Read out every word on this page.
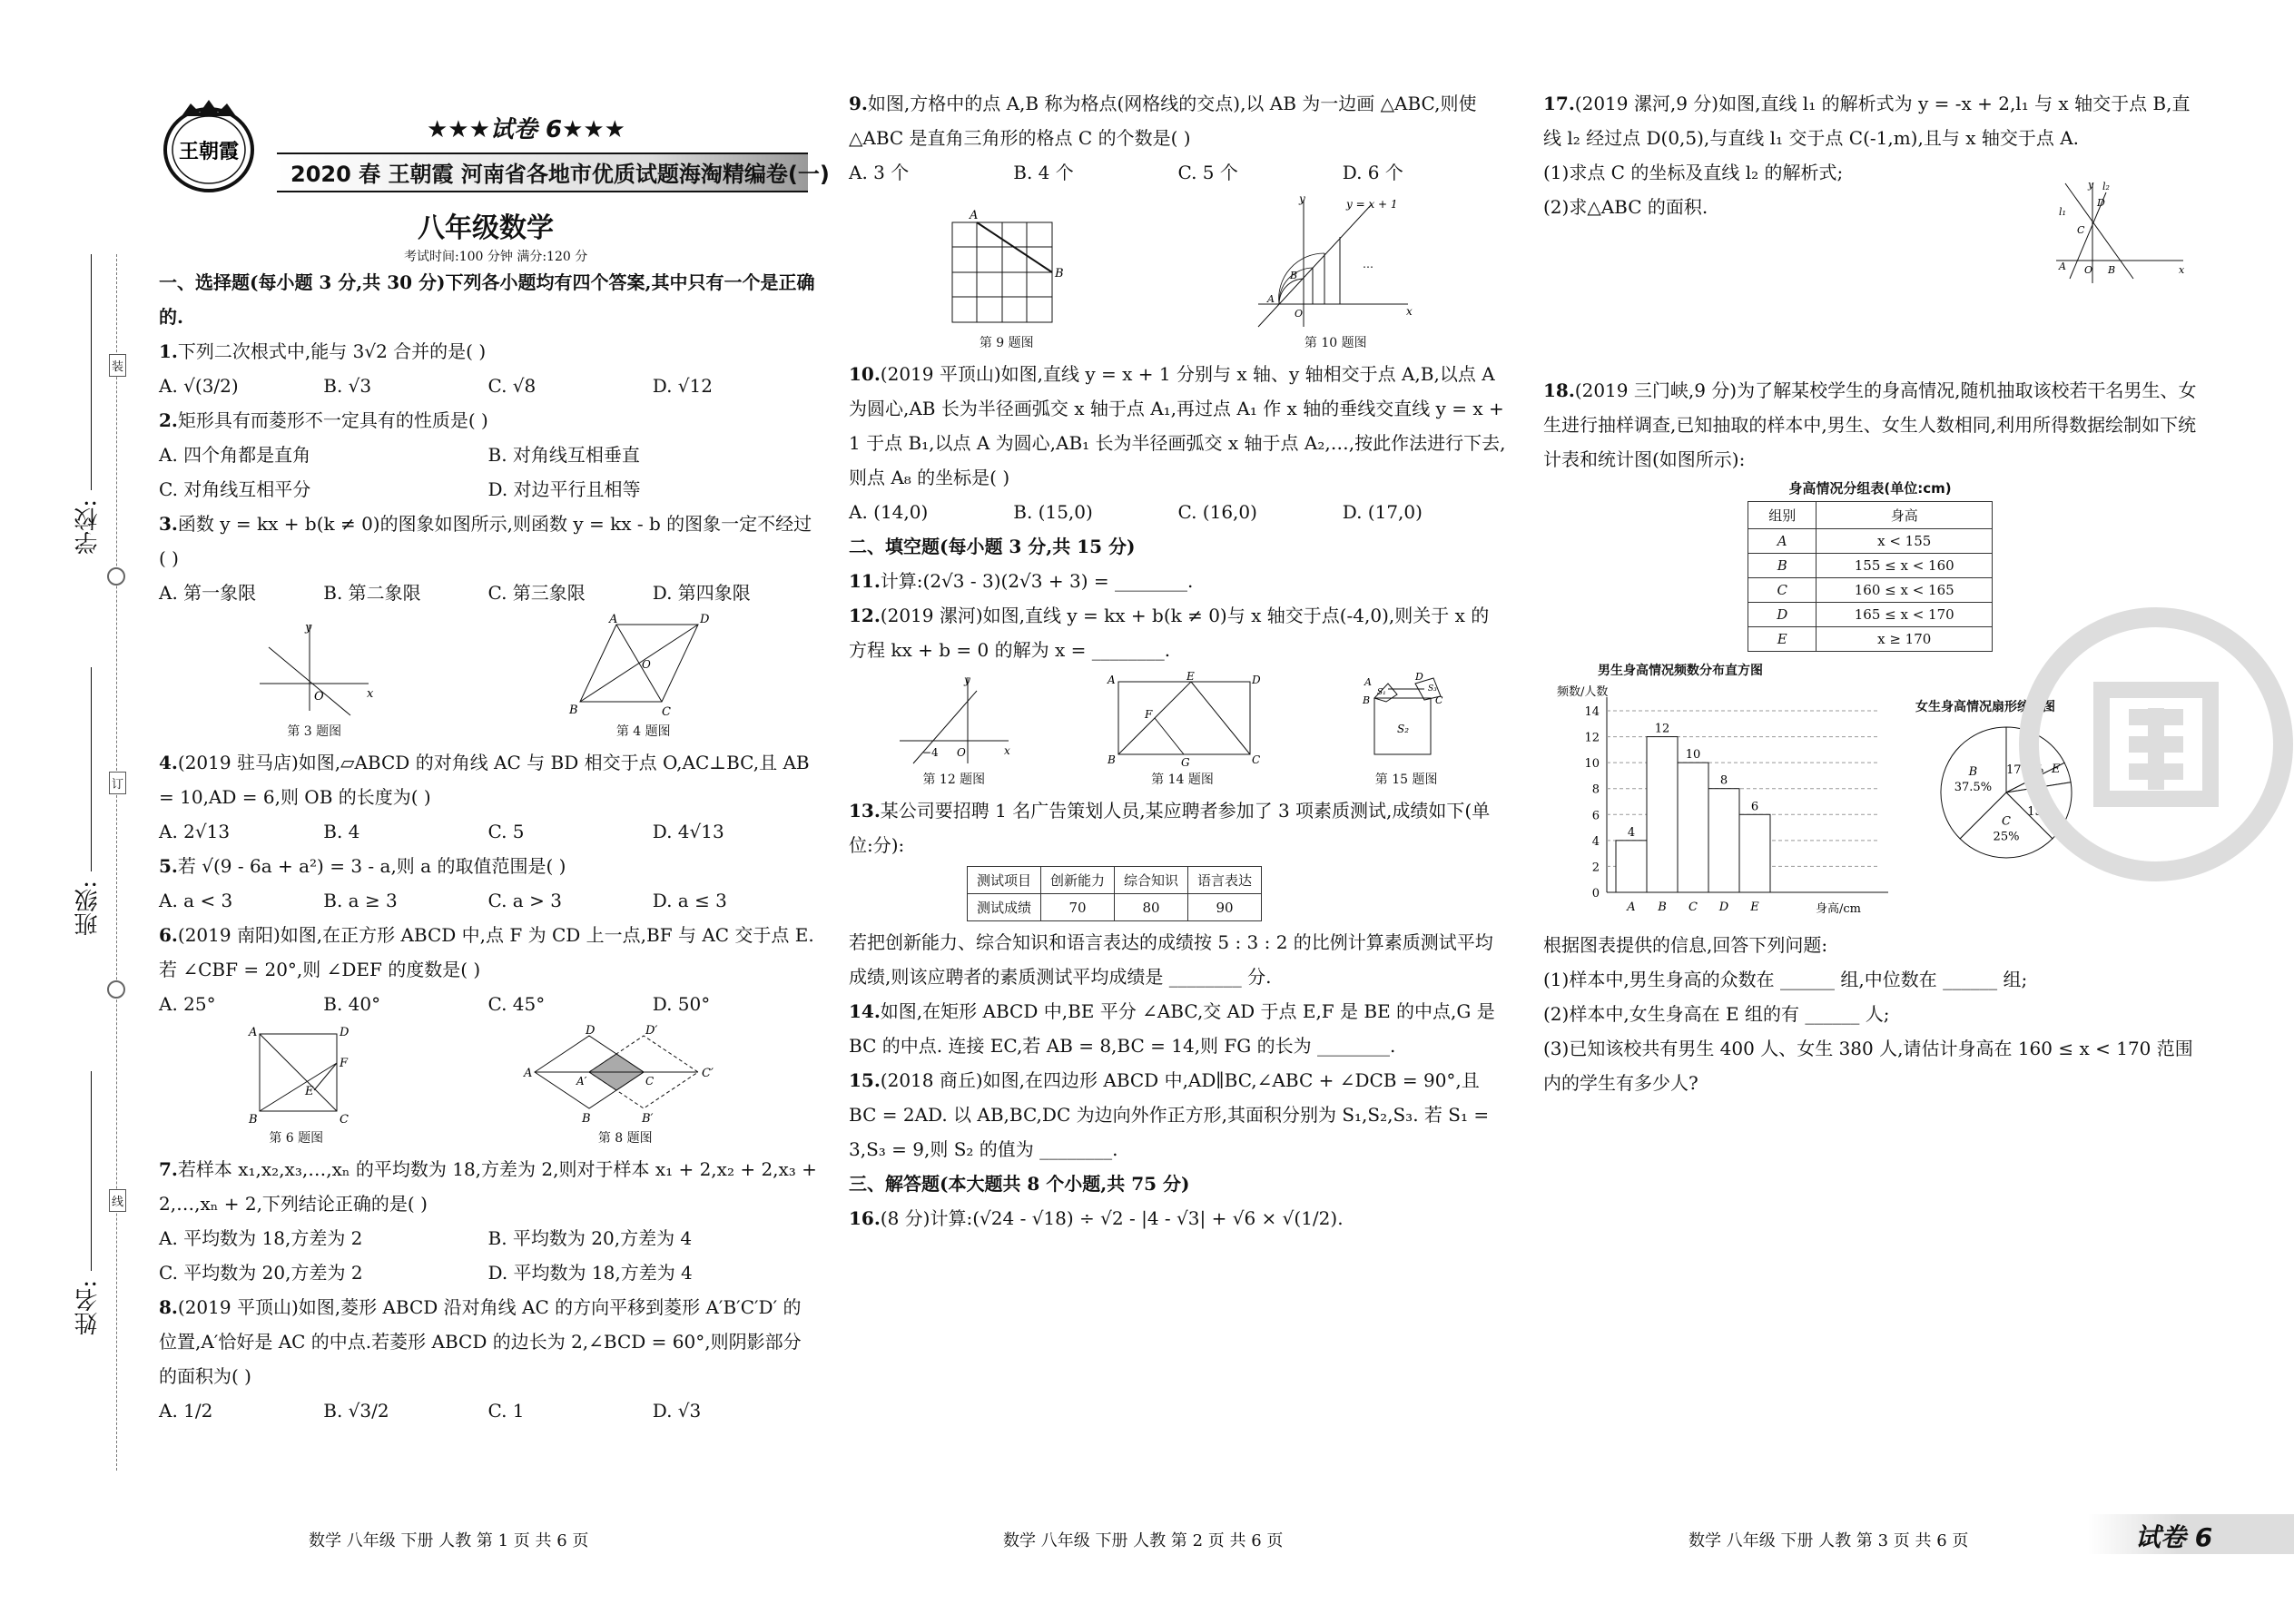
王朝霞
★★★试卷 6★★★
2020 春 王朝霞 河南省各地市优质试题海淘精编卷(一)
八年级数学
考试时间:100 分钟 满分:120 分
学校:
班级:
姓名:
装
订
线

一、选择题(每小题 3 分,共 30 分)下列各小题均有四个答案,其中只有一个是正确的.

1.下列二次根式中,能与 3√2 合并的是( )

A. √(3/2)	B. √3	C. √8	D. √12

2.矩形具有而菱形不一定具有的性质是( )

A. 四个角都是直角	B. 对角线互相垂直
C. 对角线互相平分	D. 对边平行且相等

3.函数 y = kx + b(k ≠ 0)的图象如图所示,则函数 y = kx - b 的图象一定不经过( )

A. 第一象限	B. 第二象限	C. 第三象限	D. 第四象限
y
x
O
第 3 题图
A	D
B	C
O
第 4 题图

4.(2019 驻马店)如图,▱ABCD 的对角线 AC 与 BD 相交于点 O,AC⊥BC,且 AB = 10,AD = 6,则 OB 的长度为( )

A. 2√13	B. 4	C. 5	D. 4√13

5.若 √(9 - 6a + a²) = 3 - a,则 a 的取值范围是( )

A. a < 3	B. a ≥ 3	C. a > 3	D. a ≤ 3

6.(2019 南阳)如图,在正方形 ABCD 中,点 F 为 CD 上一点,BF 与 AC 交于点 E.若 ∠CBF = 20°,则 ∠DEF 的度数是( )

A. 25°	B. 40°	C. 45°	D. 50°
A	D
B	C
F
E
第 6 题图
A
D	D′
B	B′
A′	C
C′
第 8 题图

7.若样本 x₁,x₂,x₃,…,xₙ 的平均数为 18,方差为 2,则对于样本 x₁ + 2,x₂ + 2,x₃ + 2,…,xₙ + 2,下列结论正确的是( )

A. 平均数为 18,方差为 2	B. 平均数为 20,方差为 4
C. 平均数为 20,方差为 2	D. 平均数为 18,方差为 4

8.(2019 平顶山)如图,菱形 ABCD 沿对角线 AC 的方向平移到菱形 A′B′C′D′ 的位置,A′恰好是 AC 的中点.若菱形 ABCD 的边长为 2,∠BCD = 60°,则阴影部分的面积为( )

A. 1/2	B. √3/2	C. 1	D. √3

9.如图,方格中的点 A,B 称为格点(网格线的交点),以 AB 为一边画 △ABC,则使 △ABC 是直角三角形的格点 C 的个数是( )

A. 3 个	B. 4 个	C. 5 个	D. 6 个
A
B
第 9 题图
y = x + 1
y
x
A
O
B
…
第 10 题图

10.(2019 平顶山)如图,直线 y = x + 1 分别与 x 轴、y 轴相交于点 A,B,以点 A 为圆心,AB 长为半径画弧交 x 轴于点 A₁,再过点 A₁ 作 x 轴的垂线交直线 y = x + 1 于点 B₁,以点 A 为圆心,AB₁ 长为半径画弧交 x 轴于点 A₂,…,按此作法进行下去,则点 A₈ 的坐标是( )

A. (14,0)	B. (15,0)	C. (16,0)	D. (17,0)

二、填空题(每小题 3 分,共 15 分)

11.计算:(2√3 - 3)(2√3 + 3) = ________.

12.(2019 漯河)如图,直线 y = kx + b(k ≠ 0)与 x 轴交于点(-4,0),则关于 x 的方程 kx + b = 0 的解为 x = ________.

y
x
−4 O
第 12 题图
A	E	D
B	G	C
F
第 14 题图
A	D
B	C
S₂
S₁	S₃
第 15 题图

13.某公司要招聘 1 名广告策划人员,某应聘者参加了 3 项素质测试,成绩如下(单位:分):

测试项目	创新能力	综合知识	语言表达
测试成绩	70	80	90

若把创新能力、综合知识和语言表达的成绩按 5 : 3 : 2 的比例计算素质测试平均成绩,则该应聘者的素质测试平均成绩是 ________ 分.

14.如图,在矩形 ABCD 中,BE 平分 ∠ABC,交 AD 于点 E,F 是 BE 的中点,G 是 BC 的中点. 连接 EC,若 AB = 8,BC = 14,则 FG 的长为 ________.

15.(2018 商丘)如图,在四边形 ABCD 中,AD∥BC,∠ABC + ∠DCB = 90°,且 BC = 2AD. 以 AB,BC,DC 为边向外作正方形,其面积分别为 S₁,S₂,S₃. 若 S₁ = 3,S₃ = 9,则 S₂ 的值为 ________.

三、解答题(本大题共 8 个小题,共 75 分)

16.(8 分)计算:(√24 - √18) ÷ √2 - |4 - √3| + √6 × √(1/2).

17.(2019 漯河,9 分)如图,直线 l₁ 的解析式为 y = -x + 2,l₁ 与 x 轴交于点 B,直线 l₂ 经过点 D(0,5),与直线 l₁ 交于点 C(-1,m),且与 x 轴交于点 A.

(1)求点 C 的坐标及直线 l₂ 的解析式;

(2)求△ABC 的面积.

y
x
l₁
l₂
D
C
A O B

18.(2019 三门峡,9 分)为了解某校学生的身高情况,随机抽取该校若干名男生、女生进行抽样调查,已知抽取的样本中,男生、女生人数相同,利用所得数据绘制如下统计表和统计图(如图所示):

身高情况分组表(单位:cm)
组别	身高
A	x < 155
B	155 ≤ x < 160
C	160 ≤ x < 165
D	165 ≤ x < 170
E	x ≥ 170
男生身高情况频数分布直方图
频数/人数
身高/cm
0
2
4
6
8
10
12
14
4
A
12
B
10
C
8
D
6
E
女生身高情况扇形统计图
A
17.5% E
D
15%
C
25%
B
37.5%

根据图表提供的信息,回答下列问题:

(1)样本中,男生身高的众数在 ______ 组,中位数在 ______ 组;

(2)样本中,女生身高在 E 组的有 ______ 人;

(3)已知该校共有男生 400 人、女生 380 人,请估计身高在 160 ≤ x < 170 范围内的学生有多少人?

数学 八年级 下册 人教 第 1 页 共 6 页	数学 八年级 下册 人教 第 2 页 共 6 页	数学 八年级 下册 人教 第 3 页 共 6 页	试卷 6
